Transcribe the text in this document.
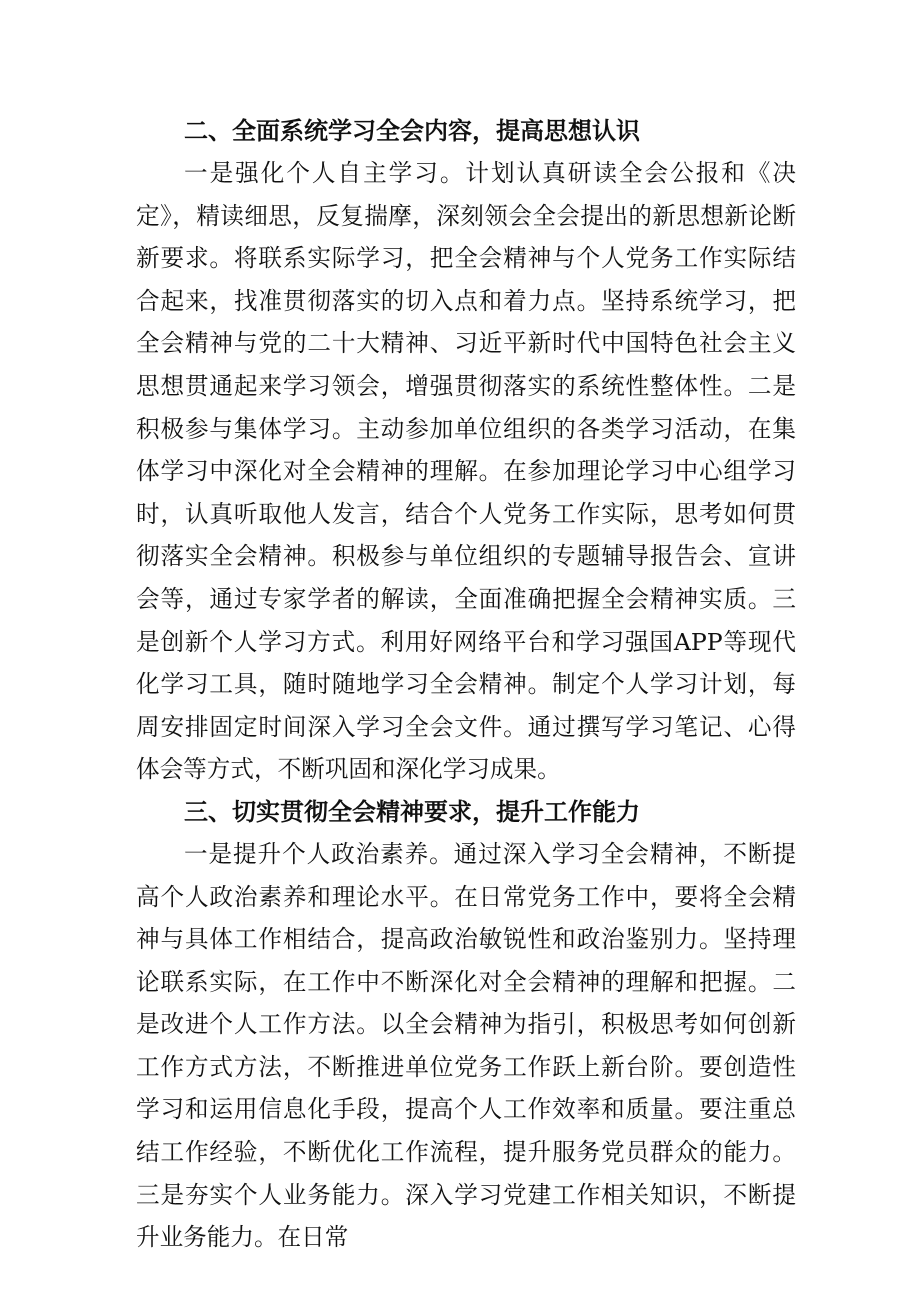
二、全面系统学习全会内容，提高思想认识

一是强化个人自主学习。计划认真研读全会公报和《决定》，精读细思，反复揣摩，深刻领会全会提出的新思想新论断新要求。将联系实际学习，把全会精神与个人党务工作实际结合起来，找准贯彻落实的切入点和着力点。坚持系统学习，把全会精神与党的二十大精神、习近平新时代中国特色社会主义思想贯通起来学习领会，增强贯彻落实的系统性整体性。二是积极参与集体学习。主动参加单位组织的各类学习活动，在集体学习中深化对全会精神的理解。在参加理论学习中心组学习时，认真听取他人发言，结合个人党务工作实际，思考如何贯彻落实全会精神。积极参与单位组织的专题辅导报告会、宣讲会等，通过专家学者的解读，全面准确把握全会精神实质。三是创新个人学习方式。利用好网络平台和学习强国APP等现代化学习工具，随时随地学习全会精神。制定个人学习计划，每周安排固定时间深入学习全会文件。通过撰写学习笔记、心得体会等方式，不断巩固和深化学习成果。

三、切实贯彻全会精神要求，提升工作能力

一是提升个人政治素养。通过深入学习全会精神，不断提高个人政治素养和理论水平。在日常党务工作中，要将全会精神与具体工作相结合，提高政治敏锐性和政治鉴别力。坚持理论联系实际，在工作中不断深化对全会精神的理解和把握。二是改进个人工作方法。以全会精神为指引，积极思考如何创新工作方式方法，不断推进单位党务工作跃上新台阶。要创造性学习和运用信息化手段，提高个人工作效率和质量。要注重总结工作经验，不断优化工作流程，提升服务党员群众的能力。三是夯实个人业务能力。深入学习党建工作相关知识，不断提升业务能力。在日常
